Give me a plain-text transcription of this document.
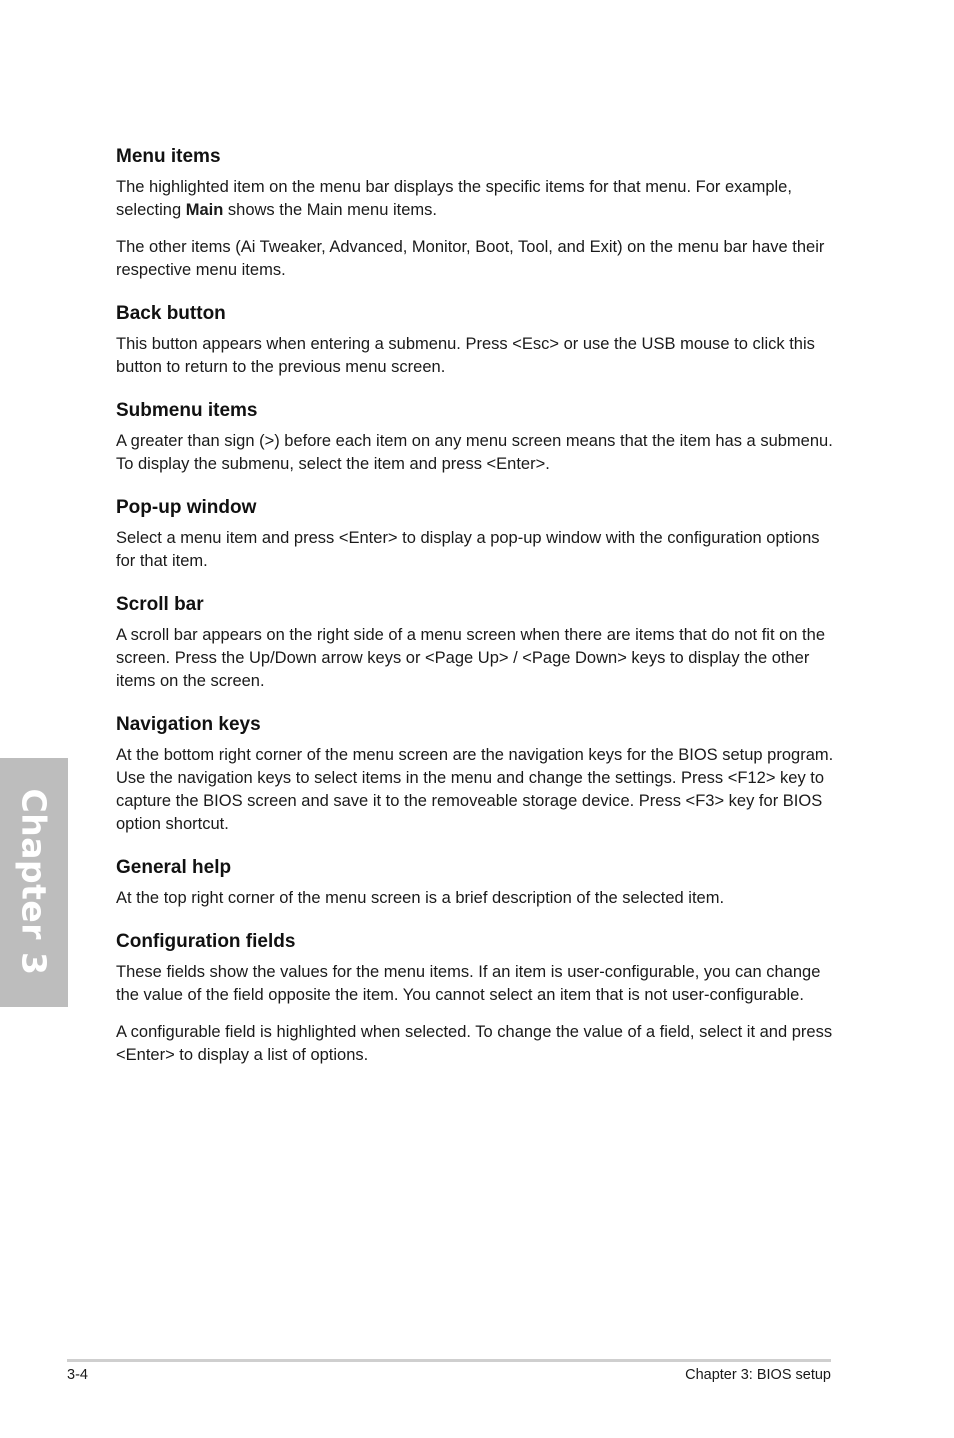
Menu items

The highlighted item on the menu bar displays the specific items for that menu. For example, selecting Main shows the Main menu items.

The other items (Ai Tweaker, Advanced, Monitor, Boot, Tool, and Exit) on the menu bar have their respective menu items.

Back button

This button appears when entering a submenu. Press <Esc> or use the USB mouse to click this button to return to the previous menu screen.

Submenu items

A greater than sign (>) before each item on any menu screen means that the item has a submenu. To display the submenu, select the item and press <Enter>.

Pop-up window

Select a menu item and press <Enter> to display a pop-up window with the configuration options for that item.

Scroll bar

A scroll bar appears on the right side of a menu screen when there are items that do not fit on the screen. Press the Up/Down arrow keys or <Page Up> / <Page Down> keys to display the other items on the screen.

Navigation keys

At the bottom right corner of the menu screen are the navigation keys for the BIOS setup program. Use the navigation keys to select items in the menu and change the settings. Press <F12> key to capture the BIOS screen and save it to the removeable storage device. Press <F3> key for BIOS option shortcut.

General help

At the top right corner of the menu screen is a brief description of the selected item.

Configuration fields

These fields show the values for the menu items. If an item is user-configurable, you can change the value of the field opposite the item. You cannot select an item that is not user-configurable.

A configurable field is highlighted when selected. To change the value of a field, select it and press <Enter> to display a list of options.

Chapter 3
3-4	Chapter 3: BIOS setup
